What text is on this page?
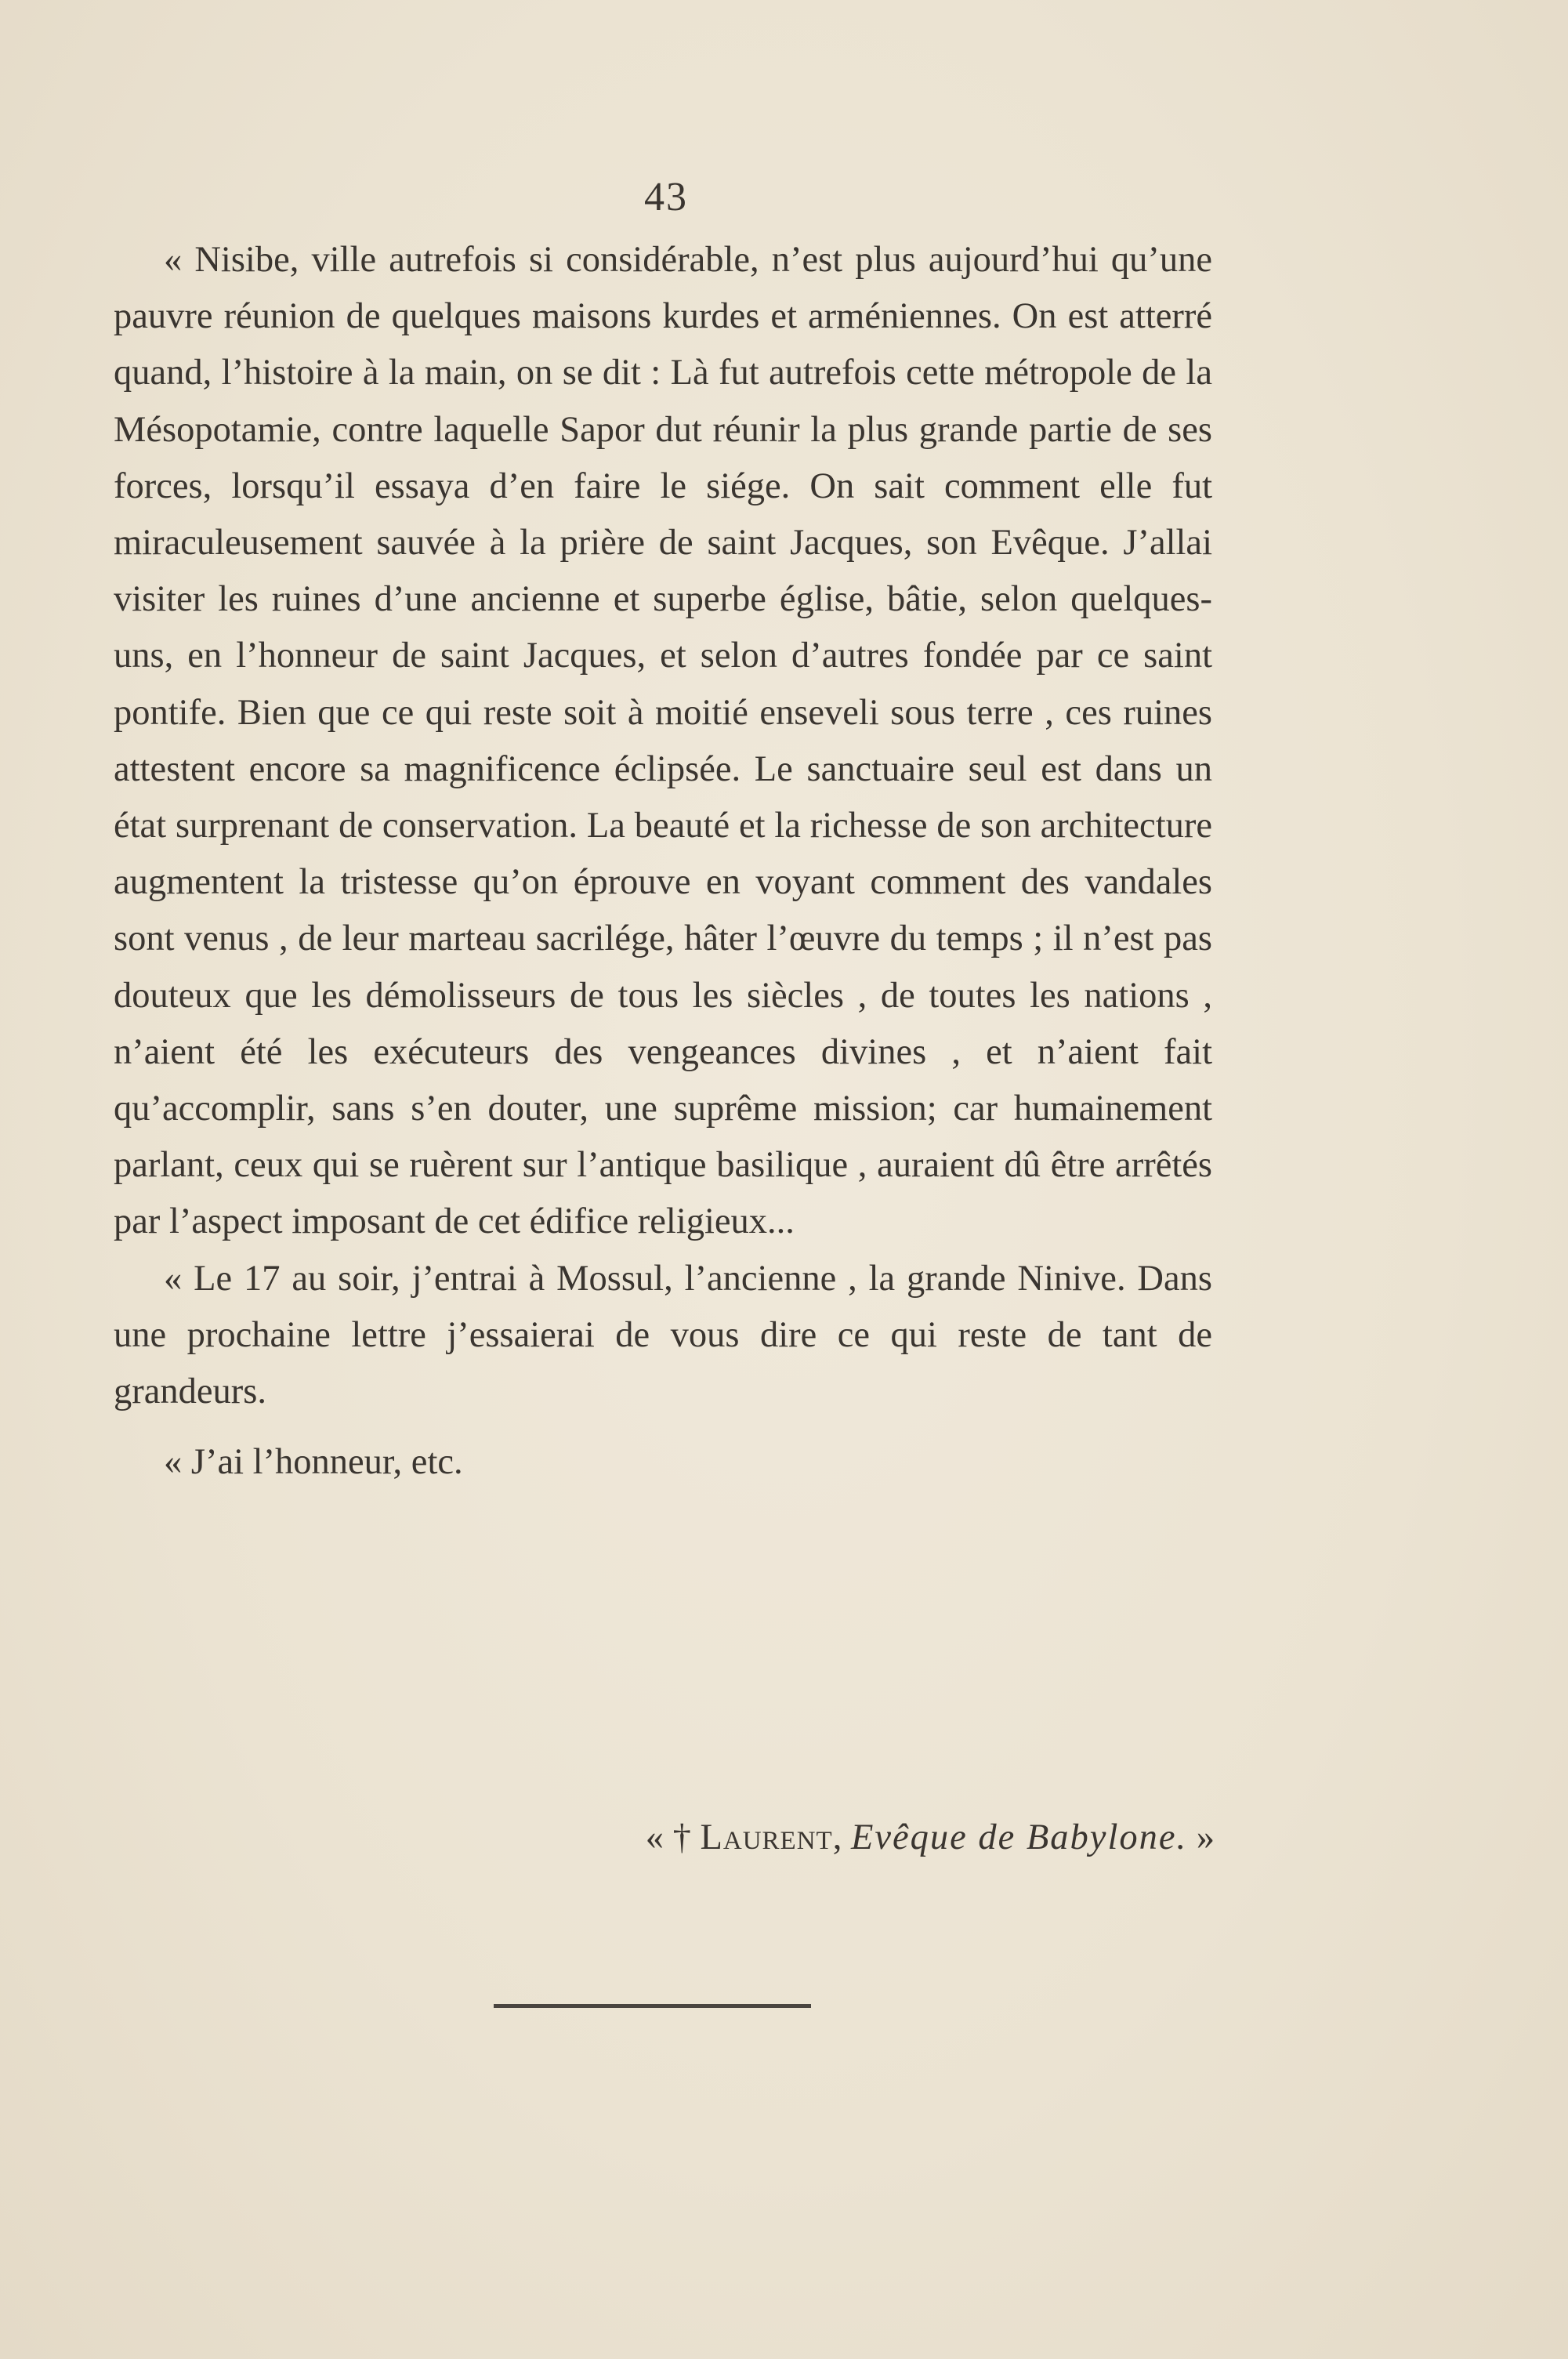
43

« Nisibe, ville autrefois si considérable, n’est plus aujourd’hui qu’une pauvre réunion de quelques maisons kurdes et arméniennes. On est atterré quand, l’histoire à la main, on se dit : Là fut autrefois cette métropole de la Mésopotamie, contre laquelle Sapor dut réunir la plus grande partie de ses forces, lorsqu’il essaya d’en faire le siége. On sait comment elle fut miraculeusement sauvée à la prière de saint Jacques, son Evêque. J’allai visiter les ruines d’une ancienne et superbe église, bâtie, selon quelques-uns, en l’honneur de saint Jacques, et selon d’autres fondée par ce saint pontife. Bien que ce qui reste soit à moitié enseveli sous terre , ces ruines attestent encore sa magnificence éclipsée. Le sanctuaire seul est dans un état surprenant de conservation. La beauté et la richesse de son architecture augmentent la tristesse qu’on éprouve en voyant comment des vandales sont venus , de leur marteau sacrilége, hâter l’œuvre du temps ; il n’est pas douteux que les démolisseurs de tous les siècles , de toutes les nations , n’aient été les exécuteurs des vengeances divines , et n’aient fait qu’accomplir, sans s’en douter, une suprême mission; car humainement parlant, ceux qui se ruèrent sur l’antique basilique , auraient dû être arrêtés par l’aspect imposant de cet édifice religieux...

« Le 17 au soir, j’entrai à Mossul, l’ancienne , la grande Ninive. Dans une prochaine lettre j’essaierai de vous dire ce qui reste de tant de grandeurs.

« J’ai l’honneur, etc.

« † Laurent, Evêque de Babylone. »
